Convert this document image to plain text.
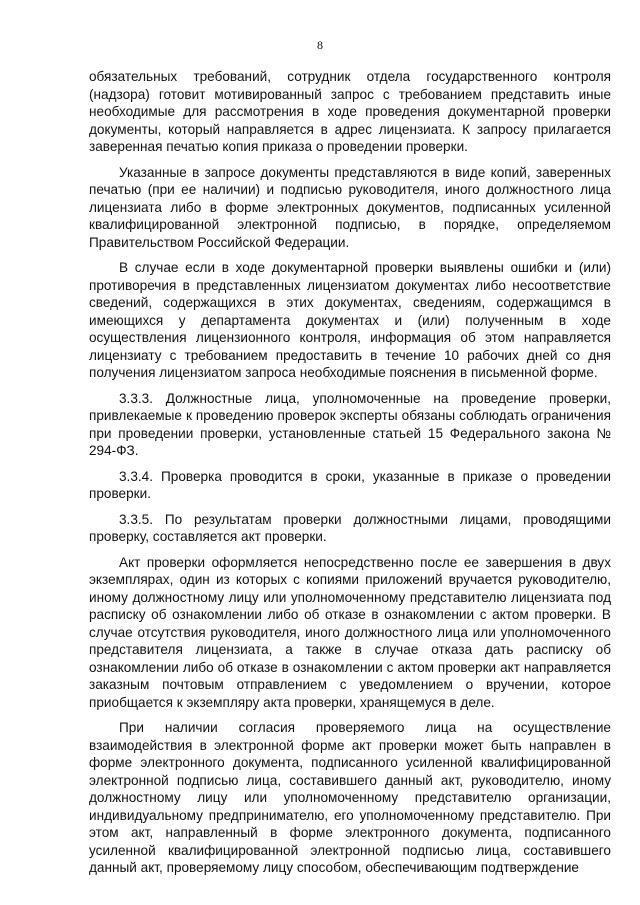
8

обязательных требований, сотрудник отдела государственного контроля (надзора) готовит мотивированный запрос с требованием представить иные необходимые для рассмотрения в ходе проведения документарной проверки документы, который направляется в адрес лицензиата. К запросу прилагается заверенная печатью копия приказа о проведении проверки.

Указанные в запросе документы представляются в виде копий, заверенных печатью (при ее наличии) и подписью руководителя, иного должностного лица лицензиата либо в форме электронных документов, подписанных усиленной квалифицированной электронной подписью, в порядке, определяемом Правительством Российской Федерации.

В случае если в ходе документарной проверки выявлены ошибки и (или) противоречия в представленных лицензиатом документах либо несоответствие сведений, содержащихся в этих документах, сведениям, содержащимся в имеющихся у департамента документах и (или) полученным в ходе осуществления лицензионного контроля, информация об этом направляется лицензиату с требованием предоставить в течение 10 рабочих дней со дня получения лицензиатом запроса необходимые пояснения в письменной форме.

3.3.3. Должностные лица, уполномоченные на проведение проверки, привлекаемые к проведению проверок эксперты обязаны соблюдать ограничения при проведении проверки, установленные статьей 15 Федерального закона № 294-ФЗ.

3.3.4. Проверка проводится в сроки, указанные в приказе о проведении проверки.

3.3.5. По результатам проверки должностными лицами, проводящими проверку, составляется акт проверки.

Акт проверки оформляется непосредственно после ее завершения в двух экземплярах, один из которых с копиями приложений вручается руководителю, иному должностному лицу или уполномоченному представителю лицензиата под расписку об ознакомлении либо об отказе в ознакомлении с актом проверки. В случае отсутствия руководителя, иного должностного лица или уполномоченного представителя лицензиата, а также в случае отказа дать расписку об ознакомлении либо об отказе в ознакомлении с актом проверки акт направляется заказным почтовым отправлением с уведомлением о вручении, которое приобщается к экземпляру акта проверки, хранящемуся в деле.

При наличии согласия проверяемого лица на осуществление взаимодействия в электронной форме акт проверки может быть направлен в форме электронного документа, подписанного усиленной квалифицированной электронной подписью лица, составившего данный акт, руководителю, иному должностному лицу или уполномоченному представителю организации, индивидуальному предпринимателю, его уполномоченному представителю. При этом акт, направленный в форме электронного документа, подписанного усиленной квалифицированной электронной подписью лица, составившего данный акт, проверяемому лицу способом, обеспечивающим подтверждение
